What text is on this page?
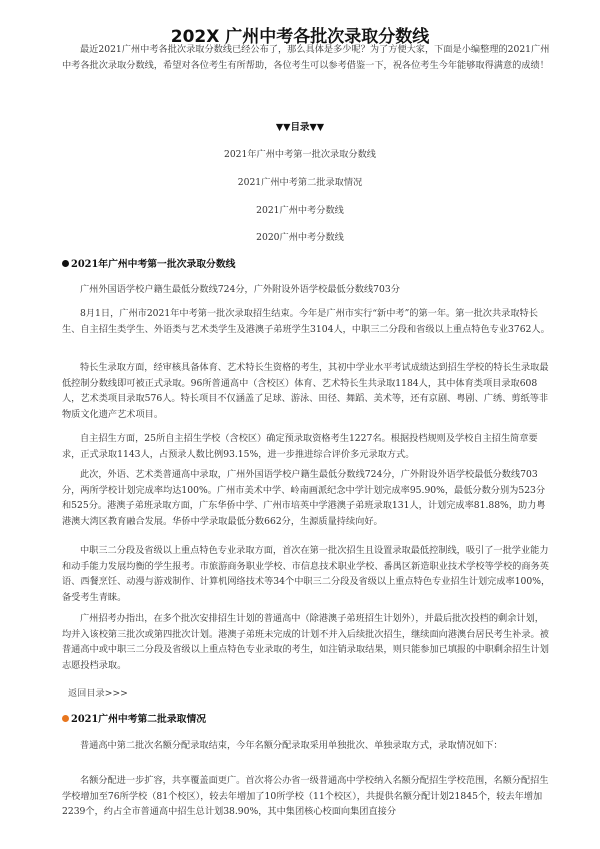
202X 广州中考各批次录取分数线

最近2021广州中考各批次录取分数线已经公布了，那么具体是多少呢？为了方便大家，下面是小编整理的2021广州中考各批次录取分数线，希望对各位考生有所帮助，各位考生可以参考借鉴一下，祝各位考生今年能够取得满意的成绩！

▼▼目录▼▼
2021年广州中考第一批次录取分数线
2021广州中考第二批录取情况
2021广州中考分数线
2020广州中考分数线
2021年广州中考第一批次录取分数线

广州外国语学校户籍生最低分数线724分，广外附设外语学校最低分数线703分

8月1日，广州市2021年中考第一批次录取招生结束。今年是广州市实行“新中考”的第一年。第一批次共录取特长生、自主招生类学生、外语类与艺术类学生及港澳子弟班学生3104人，中职三二分段和省级以上重点特色专业3762人。

特长生录取方面，经审核具备体育、艺术特长生资格的考生，其初中学业水平考试成绩达到招生学校的特长生录取最低控制分数线即可被正式录取。96所普通高中（含校区）体育、艺术特长生共录取1184人，其中体育类项目录取608人，艺术类项目录取576人。特长项目不仅涵盖了足球、游泳、田径、舞蹈、美术等，还有京剧、粤剧、广绣、剪纸等非物质文化遗产艺术项目。

自主招生方面，25所自主招生学校（含校区）确定预录取资格考生1227名。根据投档规则及学校自主招生简章要求，正式录取1143人，占预录人数比例93.15%，进一步推进综合评价多元录取方式。

此次，外语、艺术类普通高中录取，广州外国语学校户籍生最低分数线724分，广外附设外语学校最低分数线703分，两所学校计划完成率均达100%。广州市美术中学、岭南画派纪念中学计划完成率95.90%，最低分数分别为523分和525分。港澳子弟班录取方面，广东华侨中学、广州市培英中学港澳子弟班录取131人，计划完成率81.88%，助力粤港澳大湾区教育融合发展。华侨中学录取最低分数662分，生源质量持续向好。

中职三二分段及省级以上重点特色专业录取方面，首次在第一批次招生且设置录取最低控制线，吸引了一批学业能力和动手能力发展均衡的学生报考。市旅游商务职业学校、市信息技术职业学校、番禺区新造职业技术学校等学校的商务英语、西餐烹饪、动漫与游戏制作、计算机网络技术等34个中职三二分段及省级以上重点特色专业招生计划完成率100%，备受考生青睐。

广州招考办指出，在多个批次安排招生计划的普通高中（除港澳子弟班招生计划外），并最后批次投档的剩余计划，均并入该校第三批次或第四批次计划。港澳子弟班未完成的计划不并入后续批次招生，继续面向港澳台居民考生补录。被普通高中或中职三二分段及省级以上重点特色专业录取的考生，如注销录取结果，则只能参加已填报的中职剩余招生计划志愿投档录取。

返回目录>>>
2021广州中考第二批录取情况

普通高中第二批次名额分配录取结束，今年名额分配录取采用单独批次、单独录取方式，录取情况如下：

名额分配进一步扩容，共享覆盖面更广。首次将公办省一级普通高中学校纳入名额分配招生学校范围，名额分配招生学校增加至76所学校（81个校区），较去年增加了10所学校（11个校区），共提供名额分配计划21845个，较去年增加2239个，约占全市普通高中招生总计划38.90%，其中集团核心校面向集团直接分
